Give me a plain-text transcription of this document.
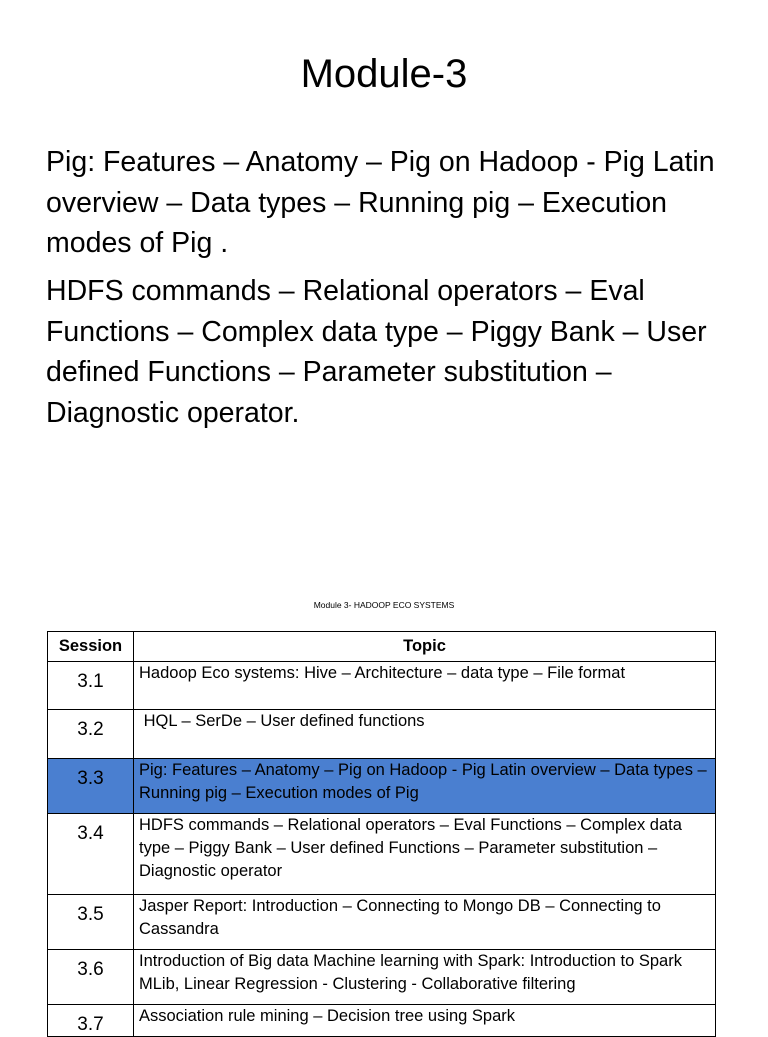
Module-3
Pig: Features – Anatomy – Pig on Hadoop - Pig Latin overview – Data types – Running pig – Execution modes of Pig .
HDFS commands – Relational operators – Eval Functions – Complex data type – Piggy Bank – User defined Functions – Parameter substitution – Diagnostic operator.
Module 3- HADOOP ECO SYSTEMS
Session	Topic
3.1	Hadoop Eco systems: Hive – Architecture – data type – File format
3.2	HQL – SerDe – User defined functions
3.3	Pig: Features – Anatomy – Pig on Hadoop - Pig Latin overview – Data types – Running pig – Execution modes of Pig
3.4	HDFS commands – Relational operators – Eval Functions – Complex data type – Piggy Bank – User defined Functions – Parameter substitution – Diagnostic operator
3.5	Jasper Report: Introduction – Connecting to Mongo DB – Connecting to Cassandra
3.6	Introduction of Big data Machine learning with Spark: Introduction to Spark MLib, Linear Regression - Clustering - Collaborative filtering
3.7	Association rule mining – Decision tree using Spark
